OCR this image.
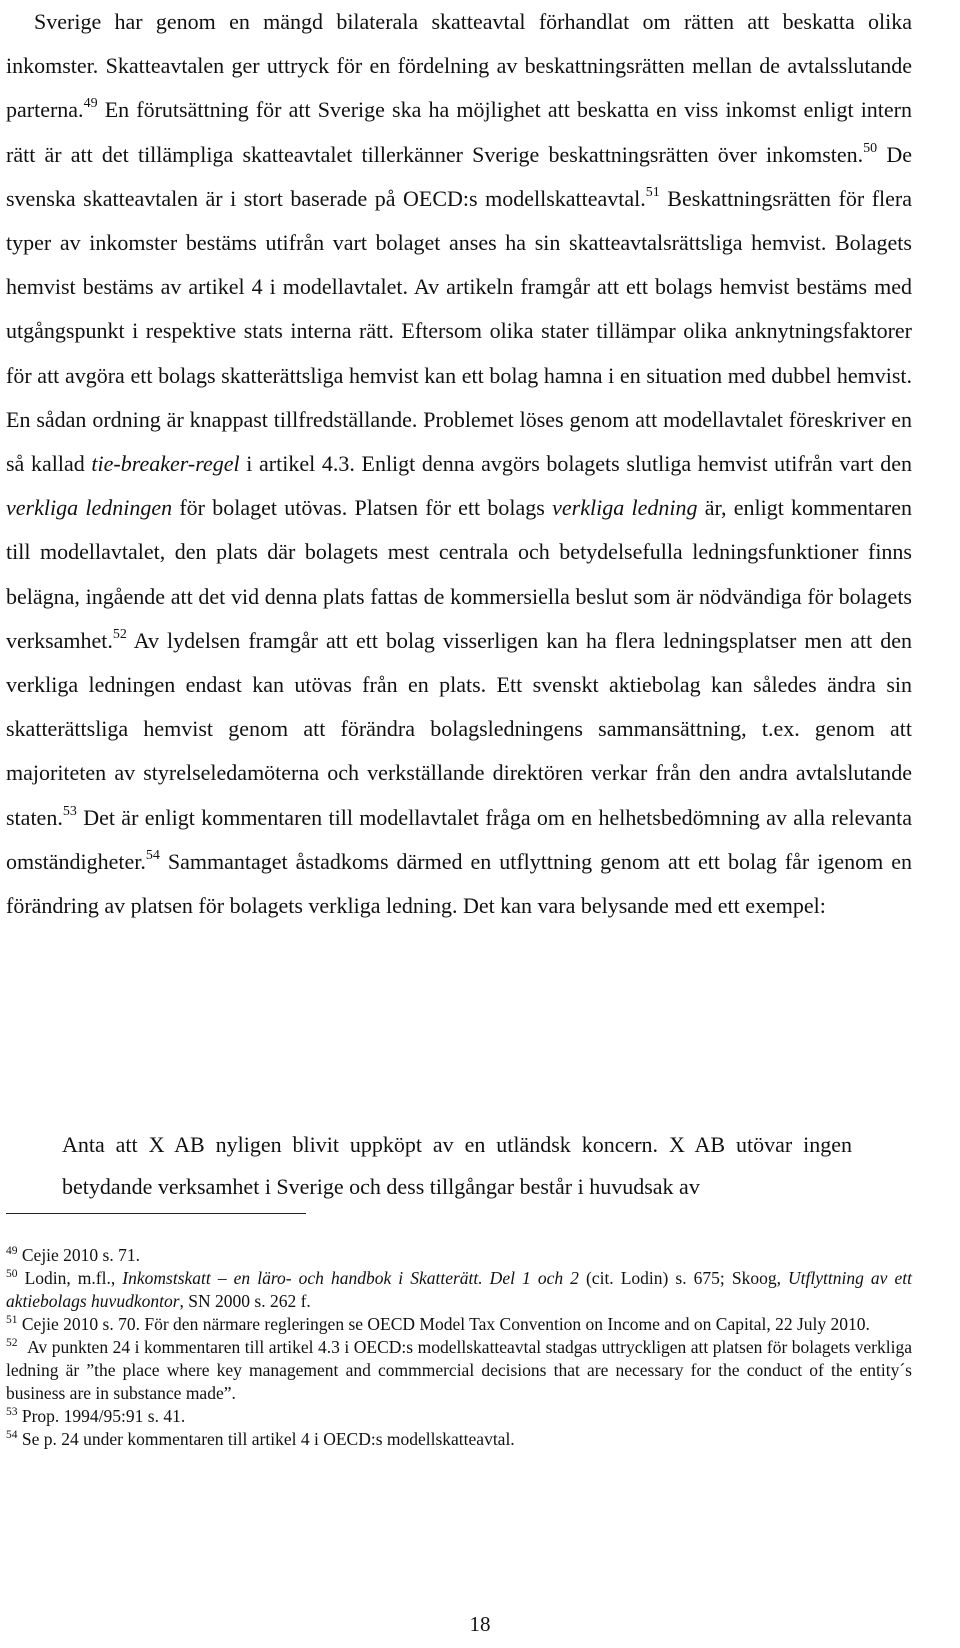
Sverige har genom en mängd bilaterala skatteavtal förhandlat om rätten att beskatta olika inkomster. Skatteavtalen ger uttryck för en fördelning av beskattningsrätten mellan de avtalsslutande parterna.$^{49}$ En förutsättning för att Sverige ska ha möjlighet att beskatta en viss inkomst enligt intern rätt är att det tillämpliga skatteavtalet tillerkänner Sverige beskattningsrätten över inkomsten.$^{50}$ De svenska skatteavtalen är i stort baserade på OECD:s modellskatteavtal.$^{51}$ Beskattningsrätten för flera typer av inkomster bestäms utifrån vart bolaget anses ha sin skatteavtalsrättsliga hemvist. Bolagets hemvist bestäms av artikel 4 i modellavtalet. Av artikeln framgår att ett bolags hemvist bestäms med utgångspunkt i respektive stats interna rätt. Eftersom olika stater tillämpar olika anknytningsfaktorer för att avgöra ett bolags skatterättsliga hemvist kan ett bolag hamna i en situation med dubbel hemvist. En sådan ordning är knappast tillfredställande. Problemet löses genom att modellavtalet föreskriver en så kallad tie-breaker-regel i artikel 4.3. Enligt denna avgörs bolagets slutliga hemvist utifrån vart den verkliga ledningen för bolaget utövas. Platsen för ett bolags verkliga ledning är, enligt kommentaren till modellavtalet, den plats där bolagets mest centrala och betydelsefulla ledningsfunktioner finns belägna, ingående att det vid denna plats fattas de kommersiella beslut som är nödvändiga för bolagets verksamhet.$^{52}$ Av lydelsen framgår att ett bolag visserligen kan ha flera ledningsplatser men att den verkliga ledningen endast kan utövas från en plats. Ett svenskt aktiebolag kan således ändra sin skatterättsliga hemvist genom att förändra bolagsledningens sammansättning, t.ex. genom att majoriteten av styrelseledamöterna och verkställande direktören verkar från den andra avtalslutande staten.$^{53}$ Det är enligt kommentaren till modellavtalet fråga om en helhetsbedömning av alla relevanta omständigheter.$^{54}$ Sammantaget åstadkoms därmed en utflyttning genom att ett bolag får igenom en förändring av platsen för bolagets verkliga ledning. Det kan vara belysande med ett exempel:

Anta att X AB nyligen blivit uppköpt av en utländsk koncern. X AB utövar ingen betydande verksamhet i Sverige och dess tillgångar består i huvudsak av

$^{49}$ Cejie 2010 s. 71.

$^{50}$ Lodin, m.fl., Inkomstskatt – en läro- och handbok i Skatterätt. Del 1 och 2 (cit. Lodin) s. 675; Skoog, Utflyttning av ett aktiebolags huvudkontor, SN 2000 s. 262 f.

$^{51}$ Cejie 2010 s. 70. För den närmare regleringen se OECD Model Tax Convention on Income and on Capital, 22 July 2010.

$^{52}$ Av punkten 24 i kommentaren till artikel 4.3 i OECD:s modellskatteavtal stadgas uttryckligen att platsen för bolagets verkliga ledning är ”the place where key management and commmercial decisions that are necessary for the conduct of the entity´s business are in substance made”.

$^{53}$ Prop. 1994/95:91 s. 41.

$^{54}$ Se p. 24 under kommentaren till artikel 4 i OECD:s modellskatteavtal.

18
